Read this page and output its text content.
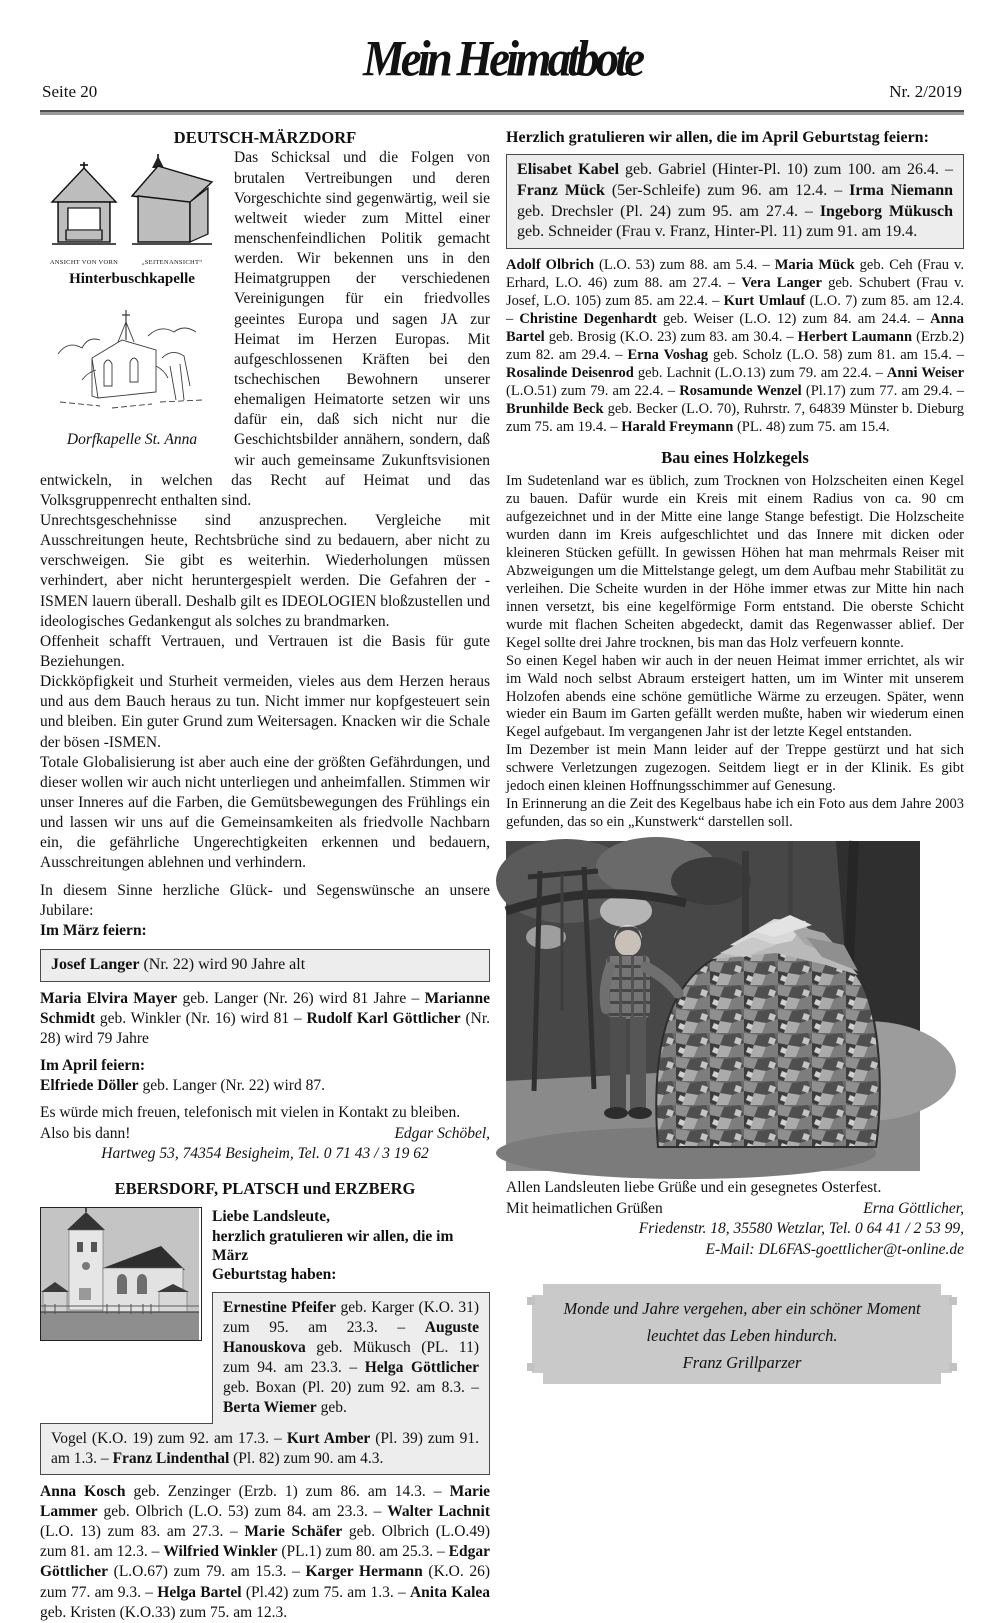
Seite 20
Mein Heimatbote
Nr. 2/2019
DEUTSCH-MÄRZDORF
ANSICHT VON VORN	„SEITENANSICHT“
Hinterbuschkapelle
Dorfkapelle St. Anna

Das Schicksal und die Folgen von brutalen Vertreibungen und deren Vorgeschichte sind gegenwärtig, weil sie weltweit wieder zum Mittel einer menschenfeindlichen Politik gemacht werden. Wir bekennen uns in den Heimatgruppen der verschiedenen Vereinigungen für ein friedvolles geeintes Europa und sagen JA zur Heimat im Herzen Europas. Mit aufgeschlossenen Kräften bei den tschechischen Bewohnern unserer ehemaligen Heimatorte setzen wir uns dafür ein, daß sich nicht nur die Geschichtsbilder annähern, sondern, daß wir auch gemeinsame Zukunftsvisionen entwickeln, in welchen das Recht auf Heimat und das Volksgruppenrecht enthalten sind.

Unrechtsgeschehnisse sind anzusprechen. Vergleiche mit Ausschreitungen heute, Rechtsbrüche sind zu bedauern, aber nicht zu verschweigen. Sie gibt es weiterhin. Wiederholungen müssen verhindert, aber nicht heruntergespielt werden. Die Gefahren der -ISMEN lauern überall. Deshalb gilt es IDEOLOGIEN bloßzustellen und ideologisches Gedankengut als solches zu brandmarken.

Offenheit schafft Vertrauen, und Vertrauen ist die Basis für gute Beziehungen.

Dickköpfigkeit und Sturheit vermeiden, vieles aus dem Herzen heraus und aus dem Bauch heraus zu tun. Nicht immer nur kopfgesteuert sein und bleiben. Ein guter Grund zum Weitersagen. Knacken wir die Schale der bösen -ISMEN.

Totale Globalisierung ist aber auch eine der größten Gefährdungen, und dieser wollen wir auch nicht unterliegen und anheimfallen. Stimmen wir unser Inneres auf die Farben, die Gemütsbewegungen des Frühlings ein und lassen wir uns auf die Gemeinsamkeiten als friedvolle Nachbarn ein, die gefährliche Ungerechtigkeiten erkennen und bedauern, Ausschreitungen ablehnen und verhindern.

In diesem Sinne herzliche Glück- und Segenswünsche an unsere Jubilare:

Im März feiern:

Josef Langer (Nr. 22) wird 90 Jahre alt

Maria Elvira Mayer geb. Langer (Nr. 26) wird 81 Jahre – Marianne Schmidt geb. Winkler (Nr. 16) wird 81 – Rudolf Karl Göttlicher (Nr. 28) wird 79 Jahre

Im April feiern:

Elfriede Döller geb. Langer (Nr. 22) wird 87.

Es würde mich freuen, telefonisch mit vielen in Kontakt zu bleiben.

Also bis dann!	Edgar Schöbel,

Hartweg 53, 74354 Besigheim, Tel. 0 71 43 / 3 19 62

EBERSDORF, PLATSCH und ERZBERG
Liebe Landsleute,
herzlich gratulieren wir allen, die im März
Geburtstag haben:

Ernestine Pfeifer geb. Karger (K.O. 31) zum 95. am 23.3. – Auguste Hanouskova geb. Mükusch (PL. 11) zum 94. am 23.3. – Helga Göttlicher geb. Boxan (Pl. 20) zum 92. am 8.3. – Berta Wiemer geb.

Vogel (K.O. 19) zum 92. am 17.3. – Kurt Amber (Pl. 39) zum 91. am 1.3. – Franz Lindenthal (Pl. 82) zum 90. am 4.3.

Anna Kosch geb. Zenzinger (Erzb. 1) zum 86. am 14.3. – Marie Lammer geb. Olbrich (L.O. 53) zum 84. am 23.3. – Walter Lachnit (L.O. 13) zum 83. am 27.3. – Marie Schäfer geb. Olbrich (L.O.49) zum 81. am 12.3. – Wilfried Winkler (PL.1) zum 80. am 25.3. – Edgar Göttlicher (L.O.67) zum 79. am 15.3. – Karger Hermann (K.O. 26) zum 77. am 9.3. – Helga Bartel (Pl.42) zum 75. am 1.3. – Anita Kalea geb. Kristen (K.O.33) zum 75. am 12.3.

Herzlich gratulieren wir allen, die im April Geburtstag feiern:

Elisabet Kabel geb. Gabriel (Hinter-Pl. 10) zum 100. am 26.4. – Franz Mück (5er-Schleife) zum 96. am 12.4. – Irma Niemann geb. Drechsler (Pl. 24) zum 95. am 27.4. – Ingeborg Mükusch geb. Schneider (Frau v. Franz, Hinter-Pl. 11) zum 91. am 19.4.

Adolf Olbrich (L.O. 53) zum 88. am 5.4. – Maria Mück geb. Ceh (Frau v. Erhard, L.O. 46) zum 88. am 27.4. – Vera Langer geb. Schubert (Frau v. Josef, L.O. 105) zum 85. am 22.4. – Kurt Umlauf (L.O. 7) zum 85. am 12.4. – Christine Degenhardt geb. Weiser (L.O. 12) zum 84. am 24.4. – Anna Bartel geb. Brosig (K.O. 23) zum 83. am 30.4. – Herbert Laumann (Erzb.2) zum 82. am 29.4. – Erna Voshag geb. Scholz (L.O. 58) zum 81. am 15.4. – Rosalinde Deisenrod geb. Lachnit (L.O.13) zum 79. am 22.4. – Anni Weiser (L.O.51) zum 79. am 22.4. – Rosamunde Wenzel (Pl.17) zum 77. am 29.4. – Brunhilde Beck geb. Becker (L.O. 70), Ruhrstr. 7, 64839 Münster b. Dieburg zum 75. am 19.4. – Harald Freymann (PL. 48) zum 75. am 15.4.

Bau eines Holzkegels

Im Sudetenland war es üblich, zum Trocknen von Holzscheiten einen Kegel zu bauen. Dafür wurde ein Kreis mit einem Radius von ca. 90 cm aufgezeichnet und in der Mitte eine lange Stange befestigt. Die Holzscheite wurden dann im Kreis aufgeschlichtet und das Innere mit dicken oder kleineren Stücken gefüllt. In gewissen Höhen hat man mehrmals Reiser mit Abzweigungen um die Mittelstange gelegt, um dem Aufbau mehr Stabilität zu verleihen. Die Scheite wurden in der Höhe immer etwas zur Mitte hin nach innen versetzt, bis eine kegelförmige Form entstand. Die oberste Schicht wurde mit flachen Scheiten abgedeckt, damit das Regenwasser ablief. Der Kegel sollte drei Jahre trocknen, bis man das Holz verfeuern konnte.

So einen Kegel haben wir auch in der neuen Heimat immer errichtet, als wir im Wald noch selbst Abraum ersteigert hatten, um im Winter mit unserem Holzofen abends eine schöne gemütliche Wärme zu erzeugen. Später, wenn wieder ein Baum im Garten gefällt werden mußte, haben wir wiederum einen Kegel aufgebaut. Im vergangenen Jahr ist der letzte Kegel entstanden.

Im Dezember ist mein Mann leider auf der Treppe gestürzt und hat sich schwere Verletzungen zugezogen. Seitdem liegt er in der Klinik. Es gibt jedoch einen kleinen Hoffnungsschimmer auf Genesung.

In Erinnerung an die Zeit des Kegelbaus habe ich ein Foto aus dem Jahre 2003 gefunden, das so ein „Kunstwerk“ darstellen soll.

Allen Landsleuten liebe Grüße und ein gesegnetes Osterfest.

Mit heimatlichen Grüßen	Erna Göttlicher,

Friedenstr. 18, 35580 Wetzlar, Tel. 0 64 41 / 2 53 99,

E-Mail: DL6FAS-goettlicher@t-online.de

Monde und Jahre vergehen, aber ein schöner Moment
leuchtet das Leben hindurch.
Franz Grillparzer
